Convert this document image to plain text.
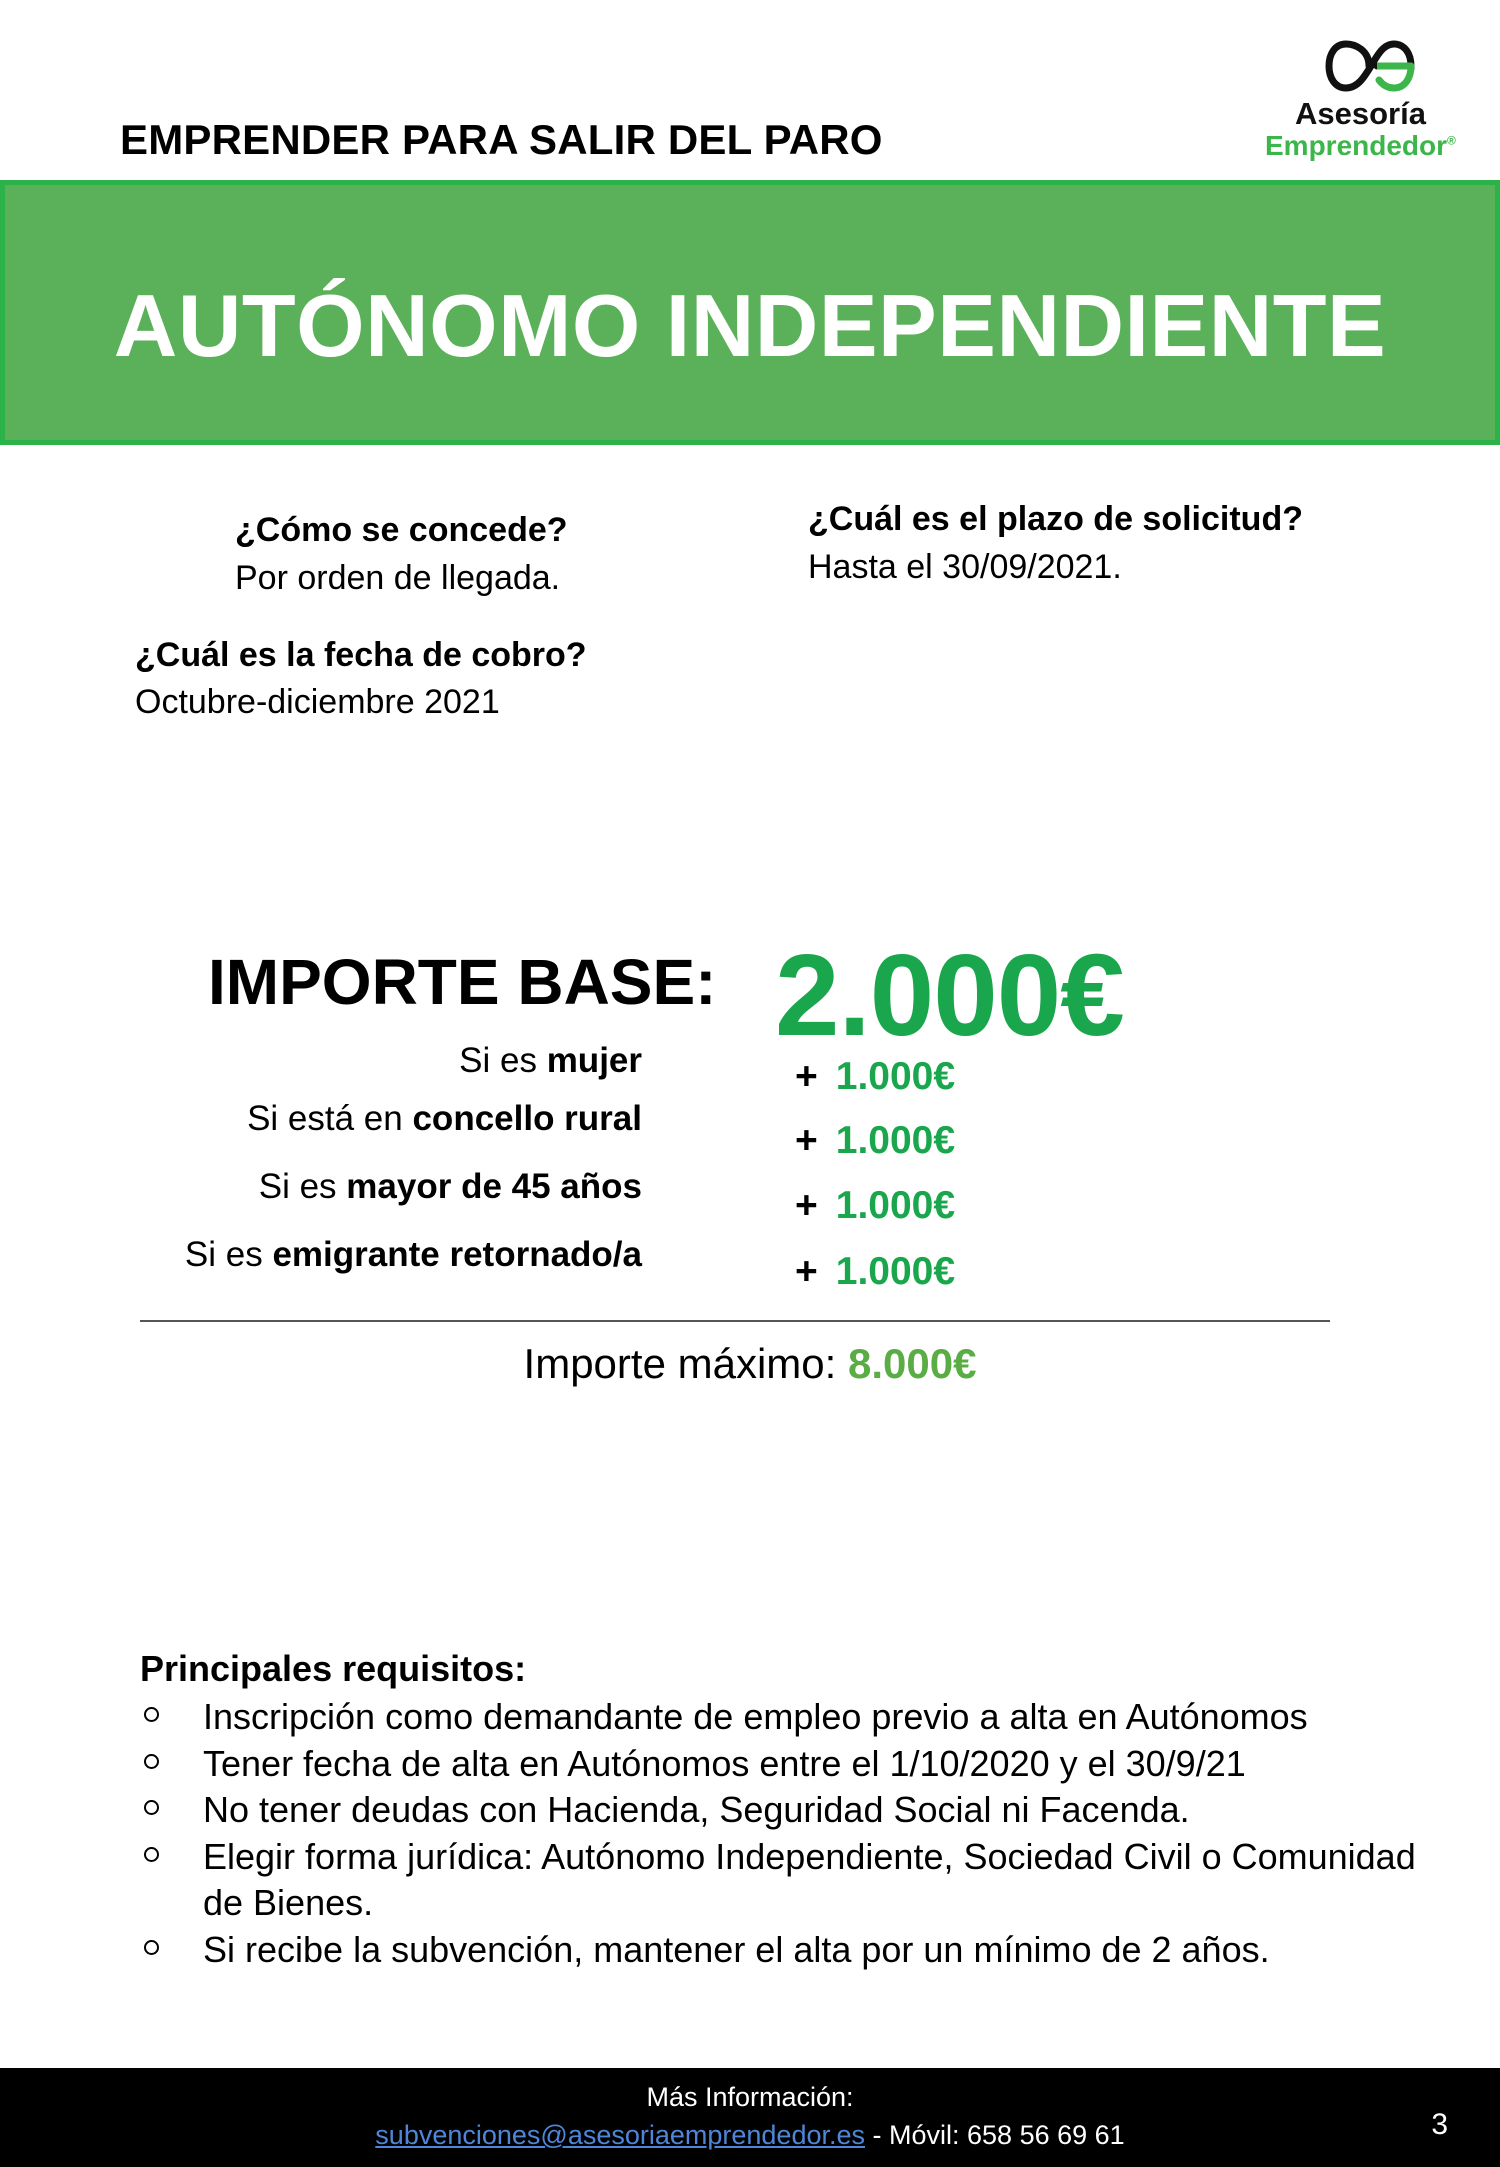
EMPRENDER PARA SALIR DEL PARO
Asesoría
Emprendedor®
AUTÓNOMO INDEPENDIENTE
¿Cómo se concede?
Por orden de llegada.
¿Cuál es el plazo de solicitud?
Hasta el 30/09/2021.
¿Cuál es la fecha de cobro?
Octubre-diciembre 2021
IMPORTE BASE: 2.000€
Si es mujer
Si está en concello rural
Si es mayor de 45 años
Si es emigrante retornado/a
+ 1.000€
+ 1.000€
+ 1.000€
+ 1.000€
Importe máximo: 8.000€
Principales requisitos:
Inscripción como demandante de empleo previo a alta en Autónomos
Tener fecha de alta en Autónomos entre el 1/10/2020 y el 30/9/21
No tener deudas con Hacienda, Seguridad Social ni Facenda.
Elegir forma jurídica: Autónomo Independiente, Sociedad Civil o Comunidad de Bienes.
Si recibe la subvención, mantener el alta por un mínimo de 2 años.
Más Información:
subvenciones@asesoriaemprendedor.es - Móvil: 658 56 69 61	3
